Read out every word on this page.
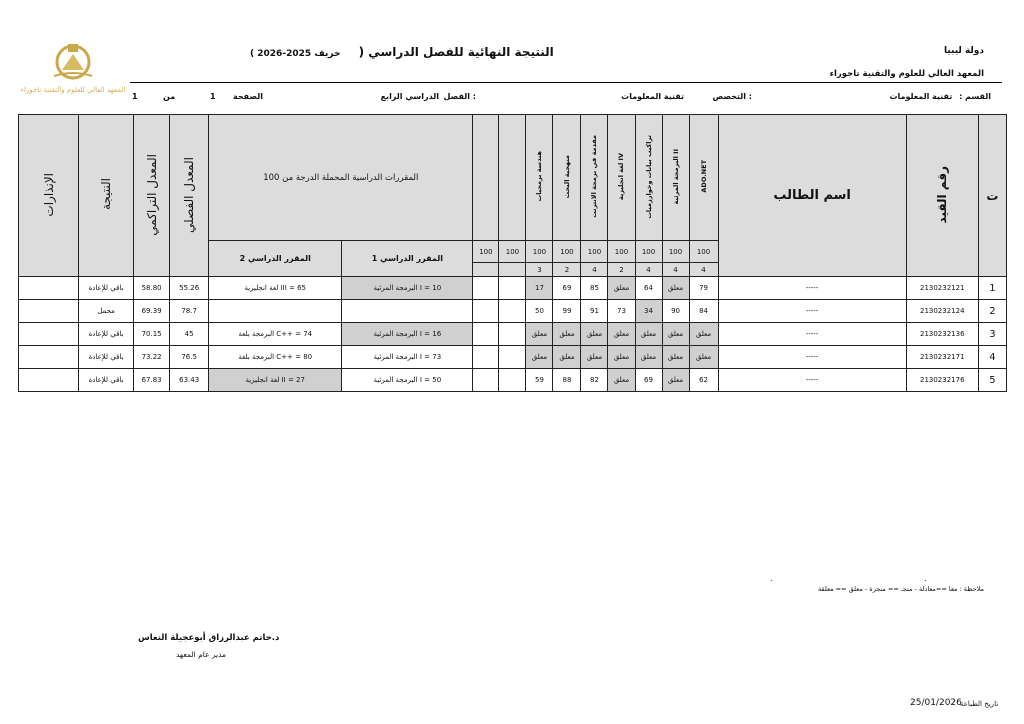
المعهد العالي للعلوم والتقنية تاجوراء
دولة ليبيا
المعهد العالي للعلوم والتقنية تاجوراء
النتيجة النهائية للفصل الدراسي ( خريف 2025-2026 )
القسم : تقنية المعلومات
التخصص :
تقنية المعلومات
الفصل :
الدراسي الرابع
الصفحة
1
من
1
الإنذارات	النتيجة	المعدل التراكمي	المعدل الفصلي	المقررات الدراسية المحملة الدرجة من 100				هندسة برمجيات	منهجية البحث	مقدمة في برمجة الانترنت	لغة انجليزية IV	تراكيب بيانات وخوارزميات	البرمجة المرئية II	ADO.NET	اسم الطالب	رقم القيد	ت
				المقرر الدراسي 2	المقرر الدراسي 1	100	100	100	100	100	100	100	100	100			
								3	2	4	2	4	4	4			
	باقي للإعادة	58.80	55.26	لغة انجليزية III = 65	البرمجة المرئية I = 10			17	69	85	معلق	64	معلق	79	-----	2130232121	1
	محمل	69.39	78.7					50	99	91	73	34	90	84	-----	2130232124	2
	باقي للإعادة	70.15	45	البرمجة بلغة C++ = 74	البرمجة المرئية I = 16			معلق	معلق	معلق	معلق	معلق	معلق	معلق	-----	2130232136	3
	باقي للإعادة	73.22	76.5	البرمجة بلغة C++ = 80	البرمجة المرئية I = 73			معلق	معلق	معلق	معلق	معلق	معلق	معلق	-----	2130232171	4
	باقي للإعادة	67.83	63.43	لغة انجليزية II = 27	البرمجة المرئية I = 50			59	88	82	معلق	69	معلق	62	-----	2130232176	5
.	.
ملاحظة : معا ==معادلة - منجـ == منجزة - معلق == معلقة
د.حاتم عبدالرزاق أبوعجيلة النعاس
مدير عام المعهد
تاريخ الطباعة
25/01/2026
